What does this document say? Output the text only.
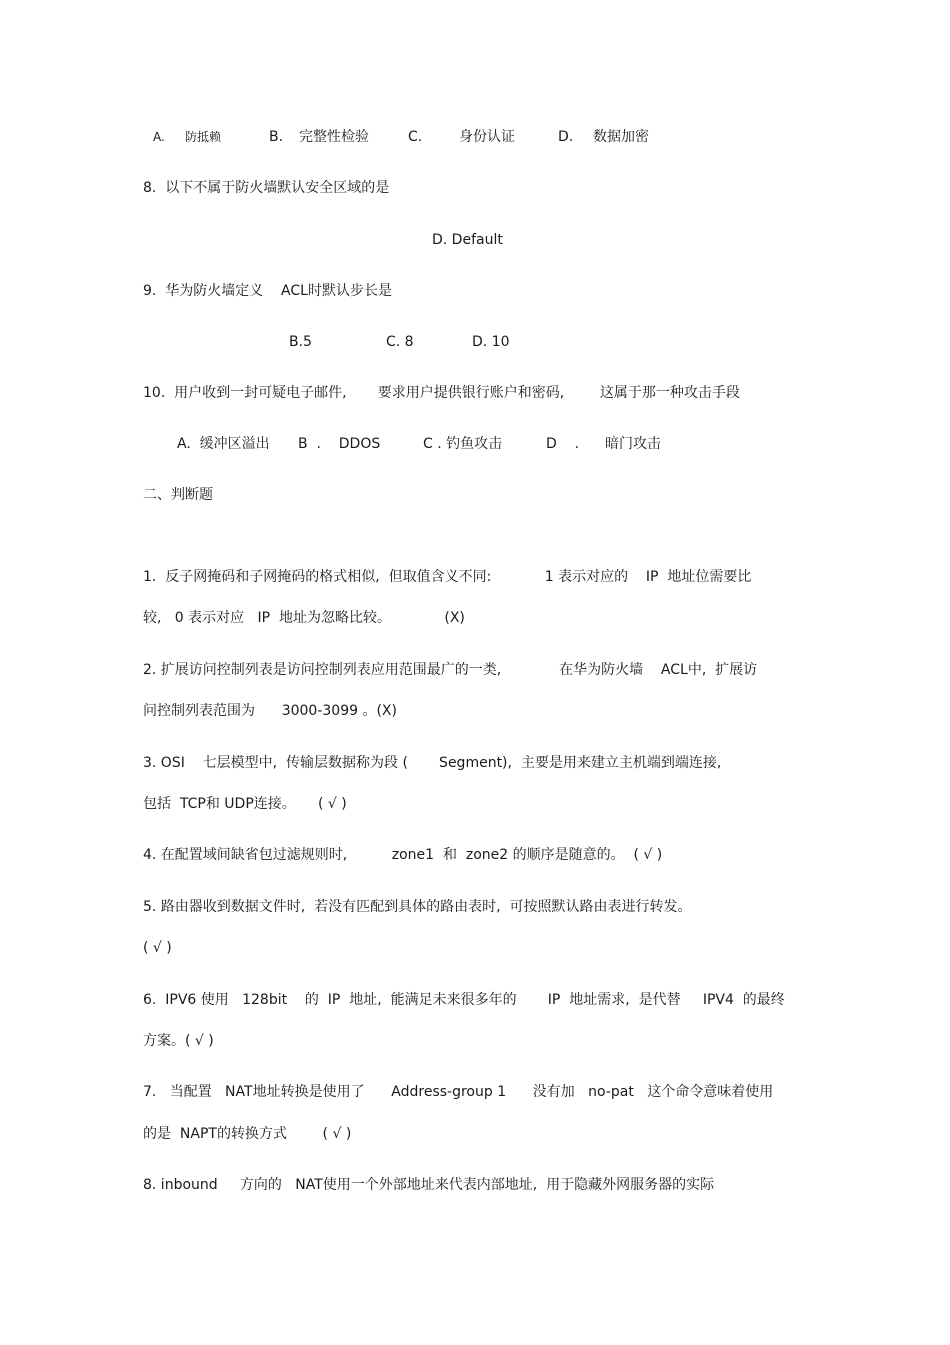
A. 防抵赖	B. 完整性检验	C.	身份认证	D. 数据加密
8.  以下不属于防火墙默认安全区域的是
D. Default
9.  华为防火墙定义    ACL时默认步长是
B.5	C. 8	D. 10
10.  用户收到一封可疑电子邮件,       要求用户提供银行账户和密码,        这属于那一种攻击手段
A.  缓冲区溢出 B  .    DDOS	C . 钓鱼攻击	D    . 暗门攻击
二、判断题
1.  反子网掩码和子网掩码的格式相似,  但取值含义不同:            1 表示对应的    IP  地址位需要比
较,   0 表示对应   IP  地址为忽略比较。            (X)
2. 扩展访问控制列表是访问控制列表应用范围最广的一类,             在华为防火墙    ACL中,  扩展访
问控制列表范围为      3000-3099 。(X)
3. OSI    七层模型中,  传输层数据称为段 (       Segment),  主要是用来建立主机端到端连接,
包括  TCP和 UDP连接。     ( √ )
4. 在配置域间缺省包过滤规则时,          zone1  和  zone2 的顺序是随意的。  ( √ )
5. 路由器收到数据文件时,  若没有匹配到具体的路由表时,  可按照默认路由表进行转发。
( √ )
6.  IPV6 使用   128bit    的  IP  地址,  能满足未来很多年的       IP  地址需求,  是代替     IPV4  的最终
方案。( √ )
7.   当配置   NAT地址转换是使用了      Address-group 1      没有加   no-pat   这个命令意味着使用
的是  NAPT的转换方式        ( √ )
8. inbound     方向的   NAT使用一个外部地址来代表内部地址,  用于隐藏外网服务器的实际
